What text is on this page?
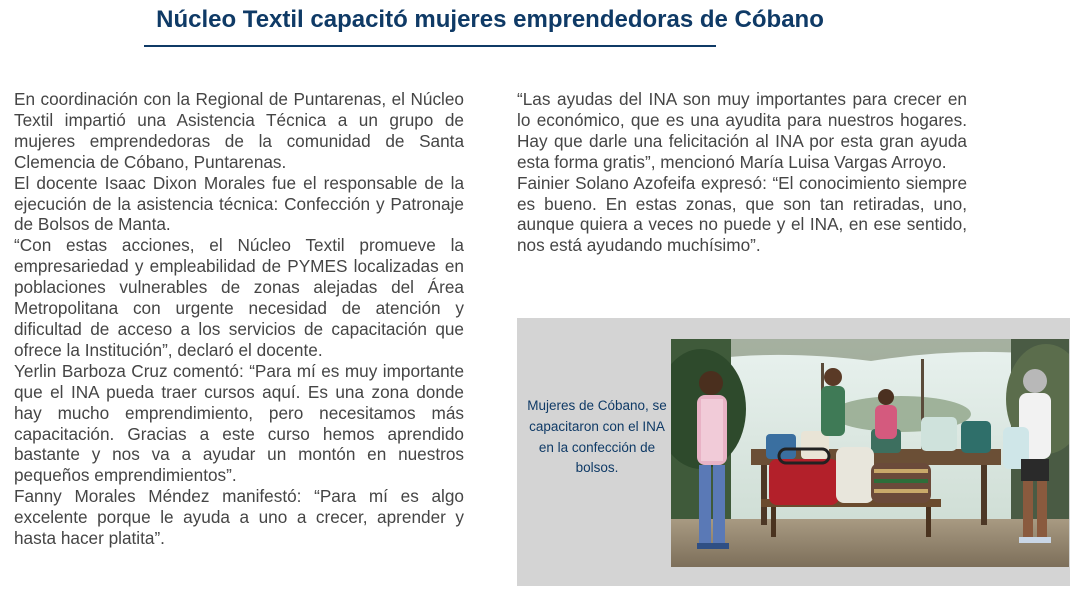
Núcleo Textil capacitó mujeres emprendedoras de Cóbano

En coordinación con la Regional de Puntarenas, el Núcleo Textil impartió una Asistencia Técnica a un grupo de mujeres emprendedoras de la comunidad de Santa Clemencia de Cóbano, Puntarenas.

El docente Isaac Dixon Morales fue el responsable de la ejecución de la asistencia técnica: Confección y Patronaje de Bolsos de Manta.

“Con estas acciones, el Núcleo Textil promueve la empresariedad y empleabilidad de PYMES localizadas en poblaciones vulnerables de zonas alejadas del Área Metropolitana con urgente necesidad de atención y dificultad de acceso a los servicios de capacitación que ofrece la Institución”, declaró el docente.

Yerlin Barboza Cruz comentó: “Para mí es muy importante que el INA pueda traer cursos aquí. Es una zona donde hay mucho emprendimiento, pero necesitamos más capacitación. Gracias a este curso hemos aprendido bastante y nos va a ayudar un montón en nuestros pequeños emprendimientos”.

Fanny Morales Méndez manifestó: “Para mí es algo excelente porque le ayuda a uno a crecer, aprender y hasta hacer platita”.

“Las ayudas del INA son muy importantes para crecer en lo económico, que es una ayudita para nuestros hogares. Hay que darle una felicitación al INA por esta gran ayuda esta forma gratis”, mencionó María Luisa Vargas Arroyo.

Fainier Solano Azofeifa expresó: “El conocimiento siempre es bueno. En estas zonas, que son tan retiradas, uno, aunque quiera a veces no puede y el INA, en ese sentido, nos está ayudando muchísimo”.

Mujeres de Cóbano, se capacitaron con el INA en la confección de bolsos.
